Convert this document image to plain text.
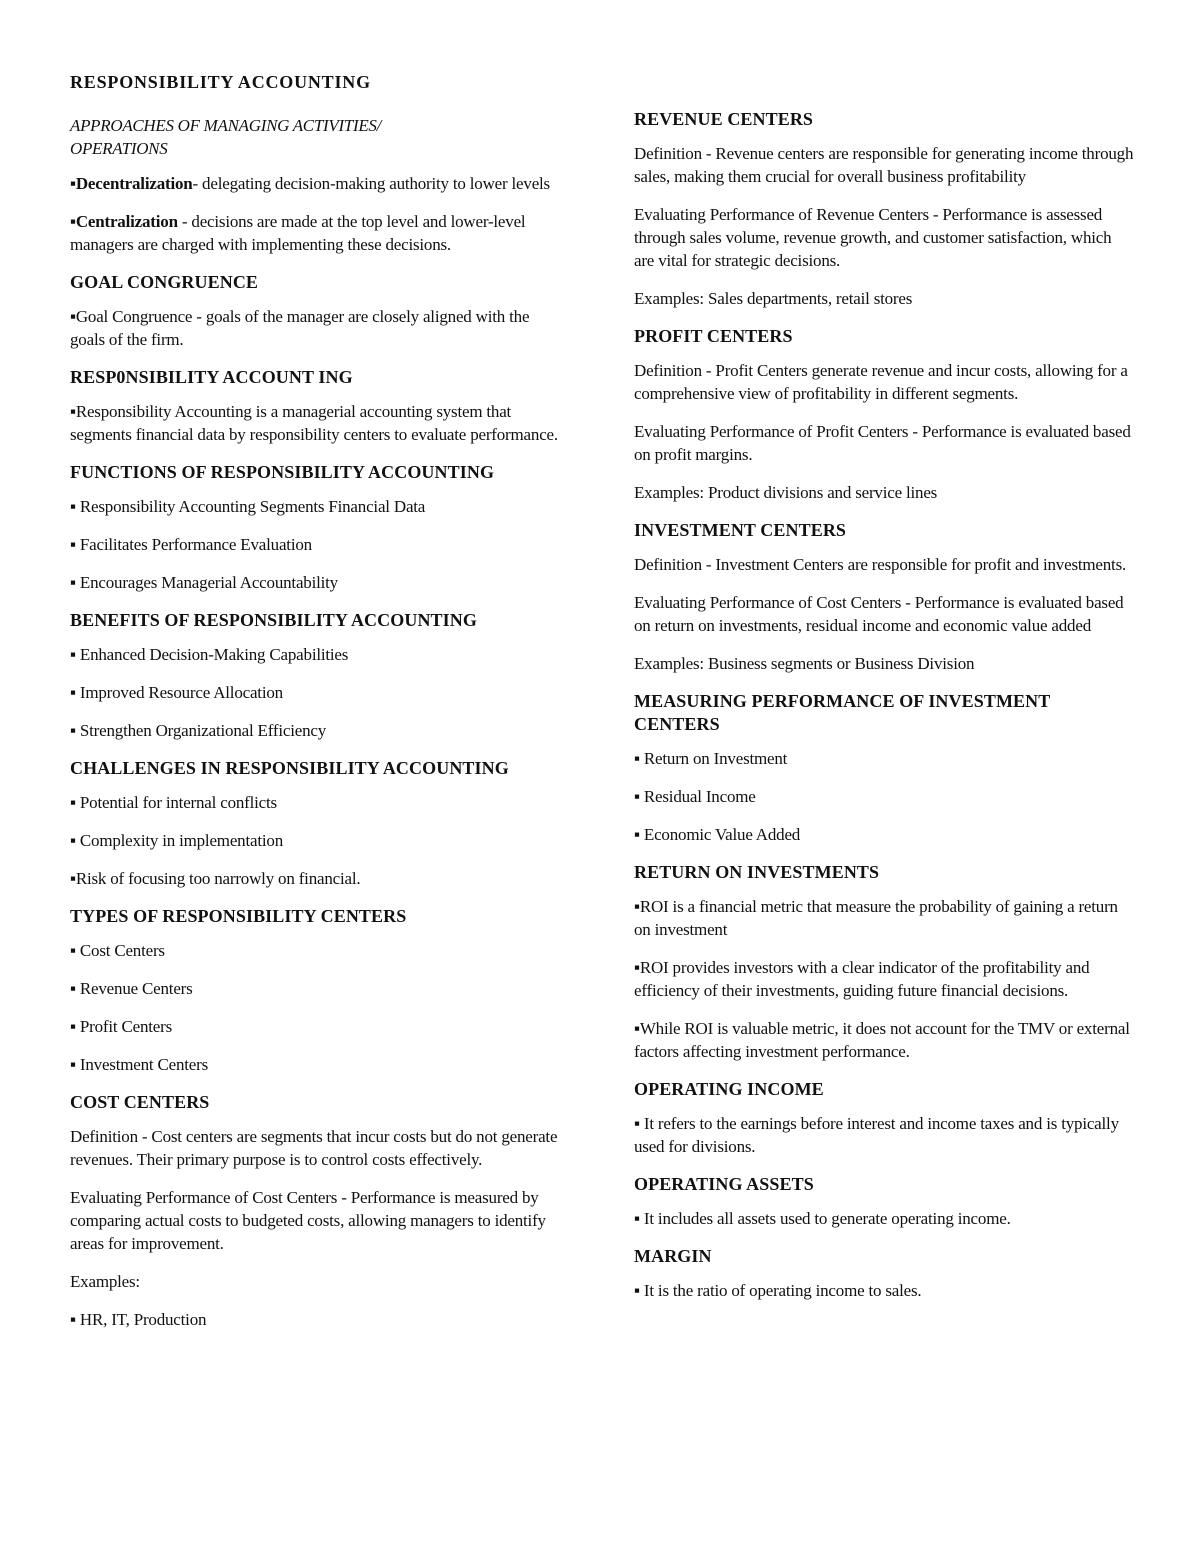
RESPONSIBILITY ACCOUNTING
APPROACHES OF MANAGING ACTIVITIES/
OPERATIONS

▪Decentralization- delegating decision-making authority to lower levels

▪Centralization - decisions are made at the top level and lower-level managers are charged with implementing these decisions.

GOAL CONGRUENCE

▪Goal Congruence - goals of the manager are closely aligned with the goals of the firm.

RESP0NSIBILITY ACCOUNT ING

▪Responsibility Accounting is a managerial accounting system that segments financial data by responsibility centers to evaluate performance.

FUNCTIONS OF RESPONSIBILITY ACCOUNTING

▪ Responsibility Accounting Segments Financial Data

▪ Facilitates Performance Evaluation

▪ Encourages Managerial Accountability

BENEFITS OF RESPONSIBILITY ACCOUNTING

▪ Enhanced Decision-Making Capabilities

▪ Improved Resource Allocation

▪ Strengthen Organizational Efficiency

CHALLENGES IN RESPONSIBILITY ACCOUNTING

▪ Potential for internal conflicts

▪ Complexity in implementation

▪Risk of focusing too narrowly on financial.

TYPES OF RESPONSIBILITY CENTERS

▪ Cost Centers

▪ Revenue Centers

▪ Profit Centers

▪ Investment Centers

COST CENTERS

Definition - Cost centers are segments that incur costs but do not generate revenues. Their primary purpose is to control costs effectively.

Evaluating Performance of Cost Centers - Performance is measured by comparing actual costs to budgeted costs, allowing managers to identify areas for improvement.

Examples:

▪ HR, IT, Production

REVENUE CENTERS

Definition - Revenue centers are responsible for generating income through sales, making them crucial for overall business profitability

Evaluating Performance of Revenue Centers - Performance is assessed through sales volume, revenue growth, and customer satisfaction, which are vital for strategic decisions.

Examples: Sales departments, retail stores

PROFIT CENTERS

Definition - Profit Centers generate revenue and incur costs, allowing for a comprehensive view of profitability in different segments.

Evaluating Performance of Profit Centers - Performance is evaluated based on profit margins.

Examples: Product divisions and service lines

INVESTMENT CENTERS

Definition - Investment Centers are responsible for profit and investments.

Evaluating Performance of Cost Centers - Performance is evaluated based on return on investments, residual income and economic value added

Examples: Business segments or Business Division

MEASURING PERFORMANCE OF INVESTMENT CENTERS

▪ Return on Investment

▪ Residual Income

▪ Economic Value Added

RETURN ON INVESTMENTS

▪ROI is a financial metric that measure the probability of gaining a return on investment

▪ROI provides investors with a clear indicator of the profitability and efficiency of their investments, guiding future financial decisions.

▪While ROI is valuable metric, it does not account for the TMV or external factors affecting investment performance.

OPERATING INCOME

▪ It refers to the earnings before interest and income taxes and is typically used for divisions.

OPERATING ASSETS

▪ It includes all assets used to generate operating income.

MARGIN

▪ It is the ratio of operating income to sales.
